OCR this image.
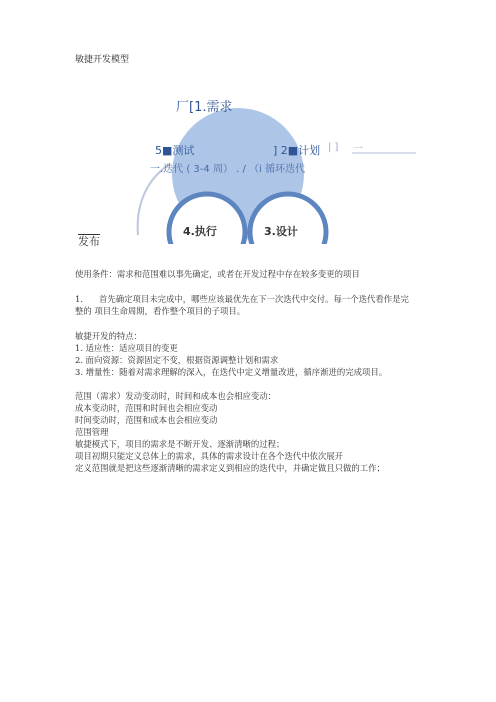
敏捷开发模型
厂[1.需求
5■测试	] 2■计划 | ] 一
一.迭代 ( 3-4 周） . / （i 循环迭代
4.执行	3.设计
发布
使用条件：需求和范围难以事先确定，或者在开发过程中存在较多变更的项目
1. 首先确定项目未完成中，哪些应该最优先在下一次迭代中交付。每一个迭代看作是完
整的 项目生命周期，看作整个项目的子项目。
敏捷开发的特点：
1. 适应性：适应项目的变更
2. 面向资源：资源固定不变，根据资源调整计划和需求
3. 增量性：随着对需求理解的深入，在迭代中定义增量改进，循序渐进的完成项目。
范围（需求）发动变动时，时间和成本也会相应变动：
成本变动时，范围和时间也会相应变动
时间变动时，范围和成本也会相应变动
范围管理
敏捷模式下，项目的需求是不断开发、逐渐清晰的过程；
项目初期只能定义总体上的需求，具体的需求设计在各个迭代中依次展开
定义范围就是把这些逐渐清晰的需求定义到相应的迭代中，并确定做且只做的工作；
